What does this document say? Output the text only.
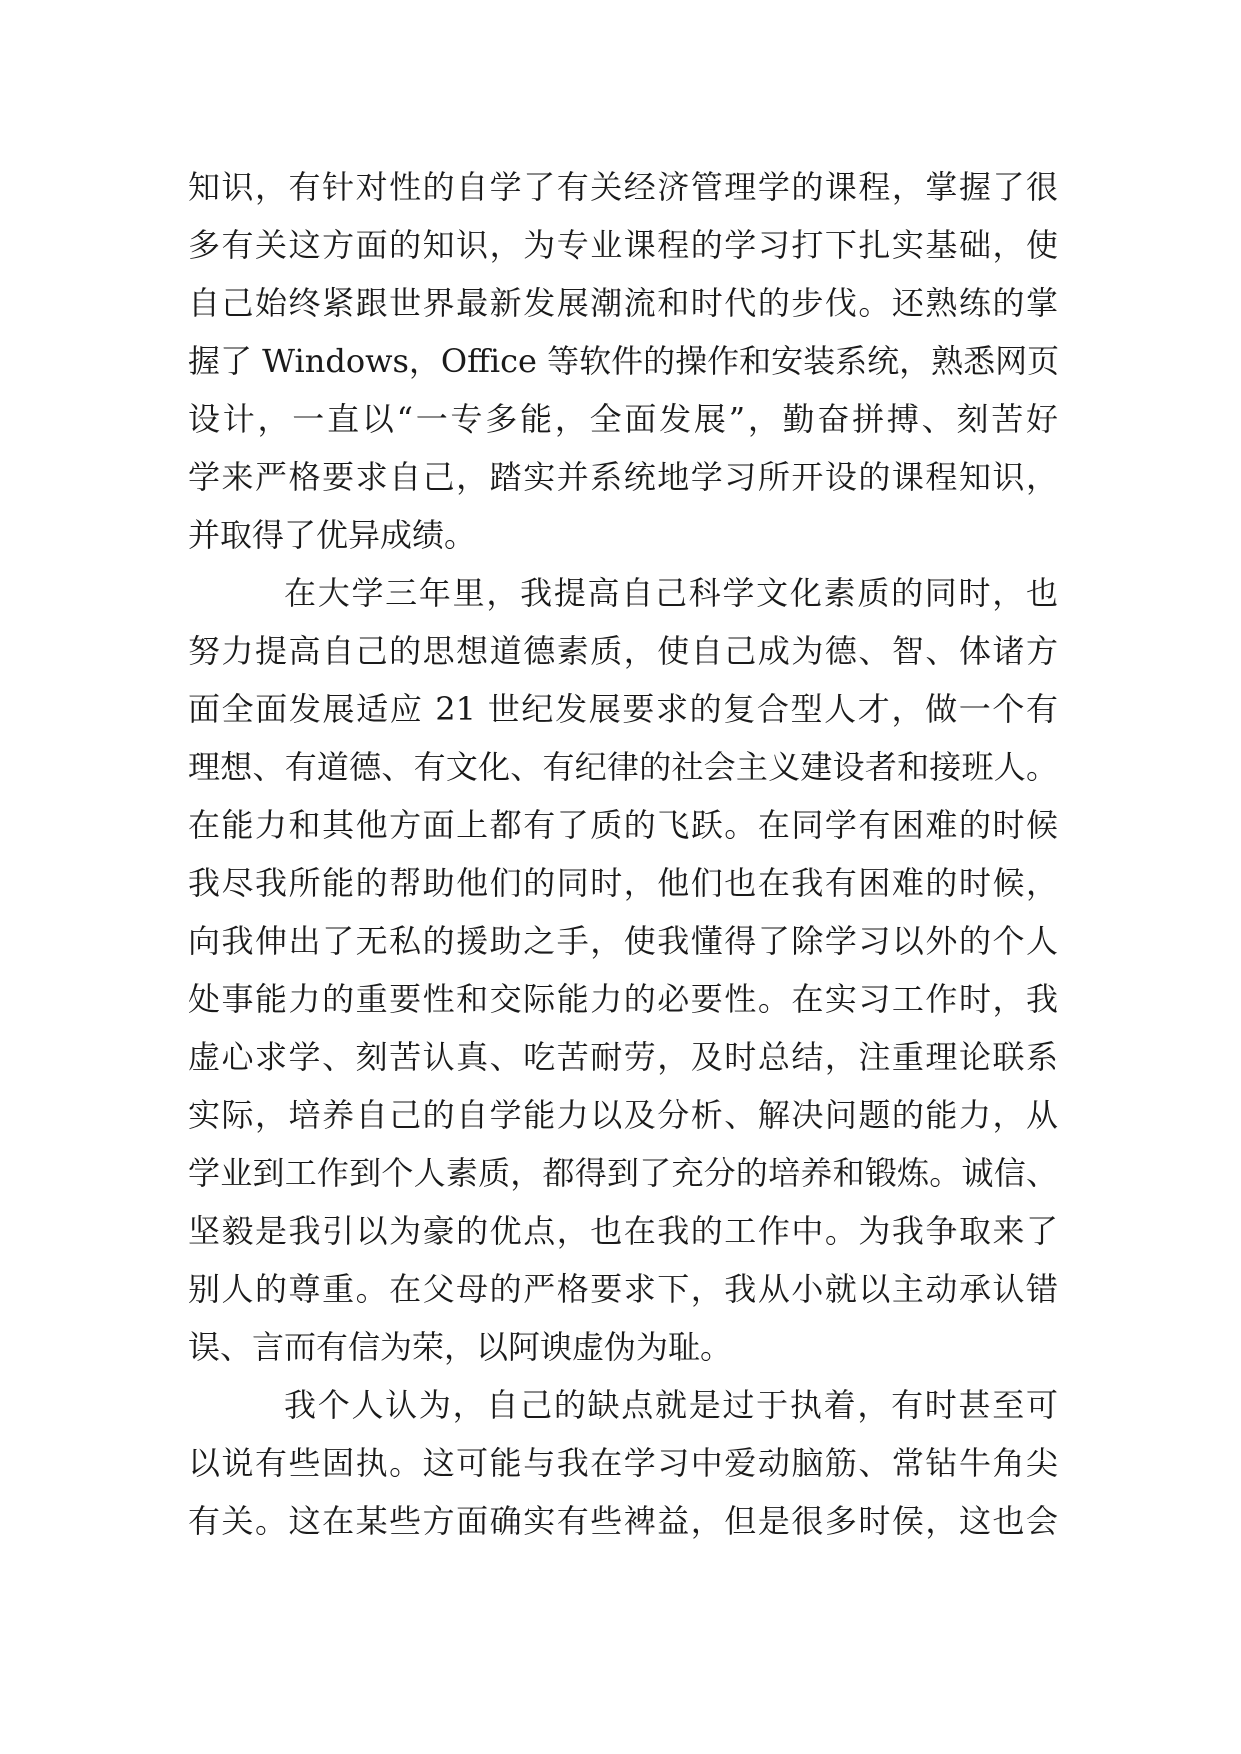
知识，有针对性的自学了有关经济管理学的课程，掌握了很
多有关这方面的知识，为专业课程的学习打下扎实基础，使
自己始终紧跟世界最新发展潮流和时代的步伐。还熟练的掌
握了 Windows，Office 等软件的操作和安装系统，熟悉网页
设计，一直以“一专多能，全面发展”，勤奋拼搏、刻苦好
学来严格要求自己，踏实并系统地学习所开设的课程知识，
并取得了优异成绩。
在大学三年里，我提高自己科学文化素质的同时，也
努力提高自己的思想道德素质，使自己成为德、智、体诸方
面全面发展适应 21 世纪发展要求的复合型人才，做一个有
理想、有道德、有文化、有纪律的社会主义建设者和接班人。
在能力和其他方面上都有了质的飞跃。在同学有困难的时候
我尽我所能的帮助他们的同时，他们也在我有困难的时候，
向我伸出了无私的援助之手，使我懂得了除学习以外的个人
处事能力的重要性和交际能力的必要性。在实习工作时，我
虚心求学、刻苦认真、吃苦耐劳，及时总结，注重理论联系
实际，培养自己的自学能力以及分析、解决问题的能力，从
学业到工作到个人素质，都得到了充分的培养和锻炼。诚信、
坚毅是我引以为豪的优点，也在我的工作中。为我争取来了
别人的尊重。在父母的严格要求下，我从小就以主动承认错
误、言而有信为荣，以阿谀虚伪为耻。
我个人认为，自己的缺点就是过于执着，有时甚至可
以说有些固执。这可能与我在学习中爱动脑筋、常钻牛角尖
有关。这在某些方面确实有些裨益，但是很多时侯，这也会
